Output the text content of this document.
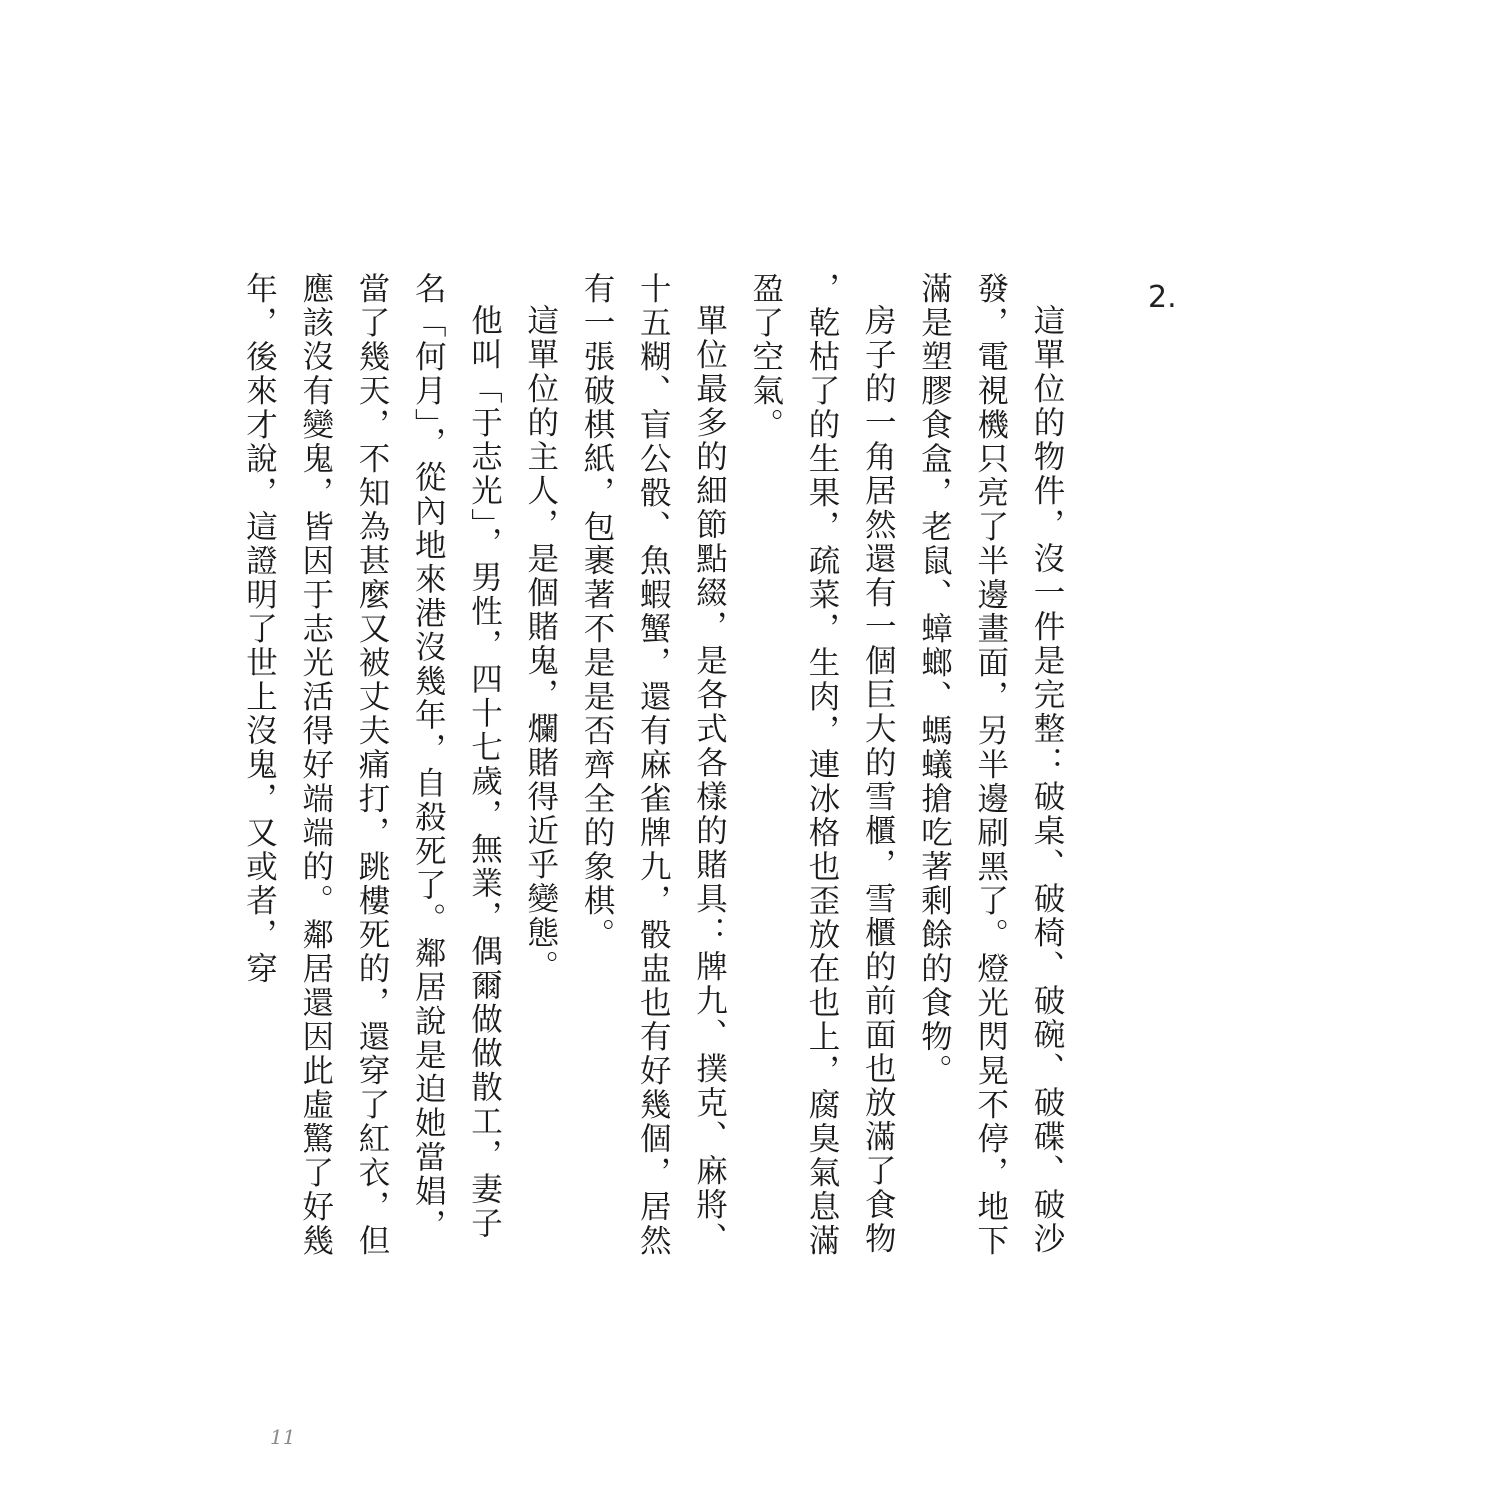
2.

這單位的物件，沒一件是完整：破桌、破椅、破碗、破碟、破沙發，電視機只亮了半邊畫面，另半邊刷黑了。燈光閃晃不停，地下滿是塑膠食盒，老鼠、蟑螂、螞蟻搶吃著剩餘的食物。

房子的一角居然還有一個巨大的雪櫃，雪櫃的前面也放滿了食物，乾枯了的生果，疏菜，生肉，連冰格也歪放在也上，腐臭氣息滿盈了空氣。

單位最多的細節點綴，是各式各樣的賭具：牌九、撲克、麻將、十五糊、盲公骰、魚蝦蟹，還有麻雀牌九，骰盅也有好幾個，居然有一張破棋紙，包裹著不是是否齊全的象棋。

這單位的主人，是個賭鬼，爛賭得近乎變態。

他叫「于志光」，男性，四十七歲，無業，偶爾做做散工，妻子名「何月」，從內地來港沒幾年，自殺死了。鄰居說是迫她當娼，當了幾天，不知為甚麼又被丈夫痛打，跳樓死的，還穿了紅衣，但應該沒有變鬼，皆因于志光活得好端端的。鄰居還因此虛驚了好幾年，後來才說，這證明了世上沒鬼，又或者，穿

11
